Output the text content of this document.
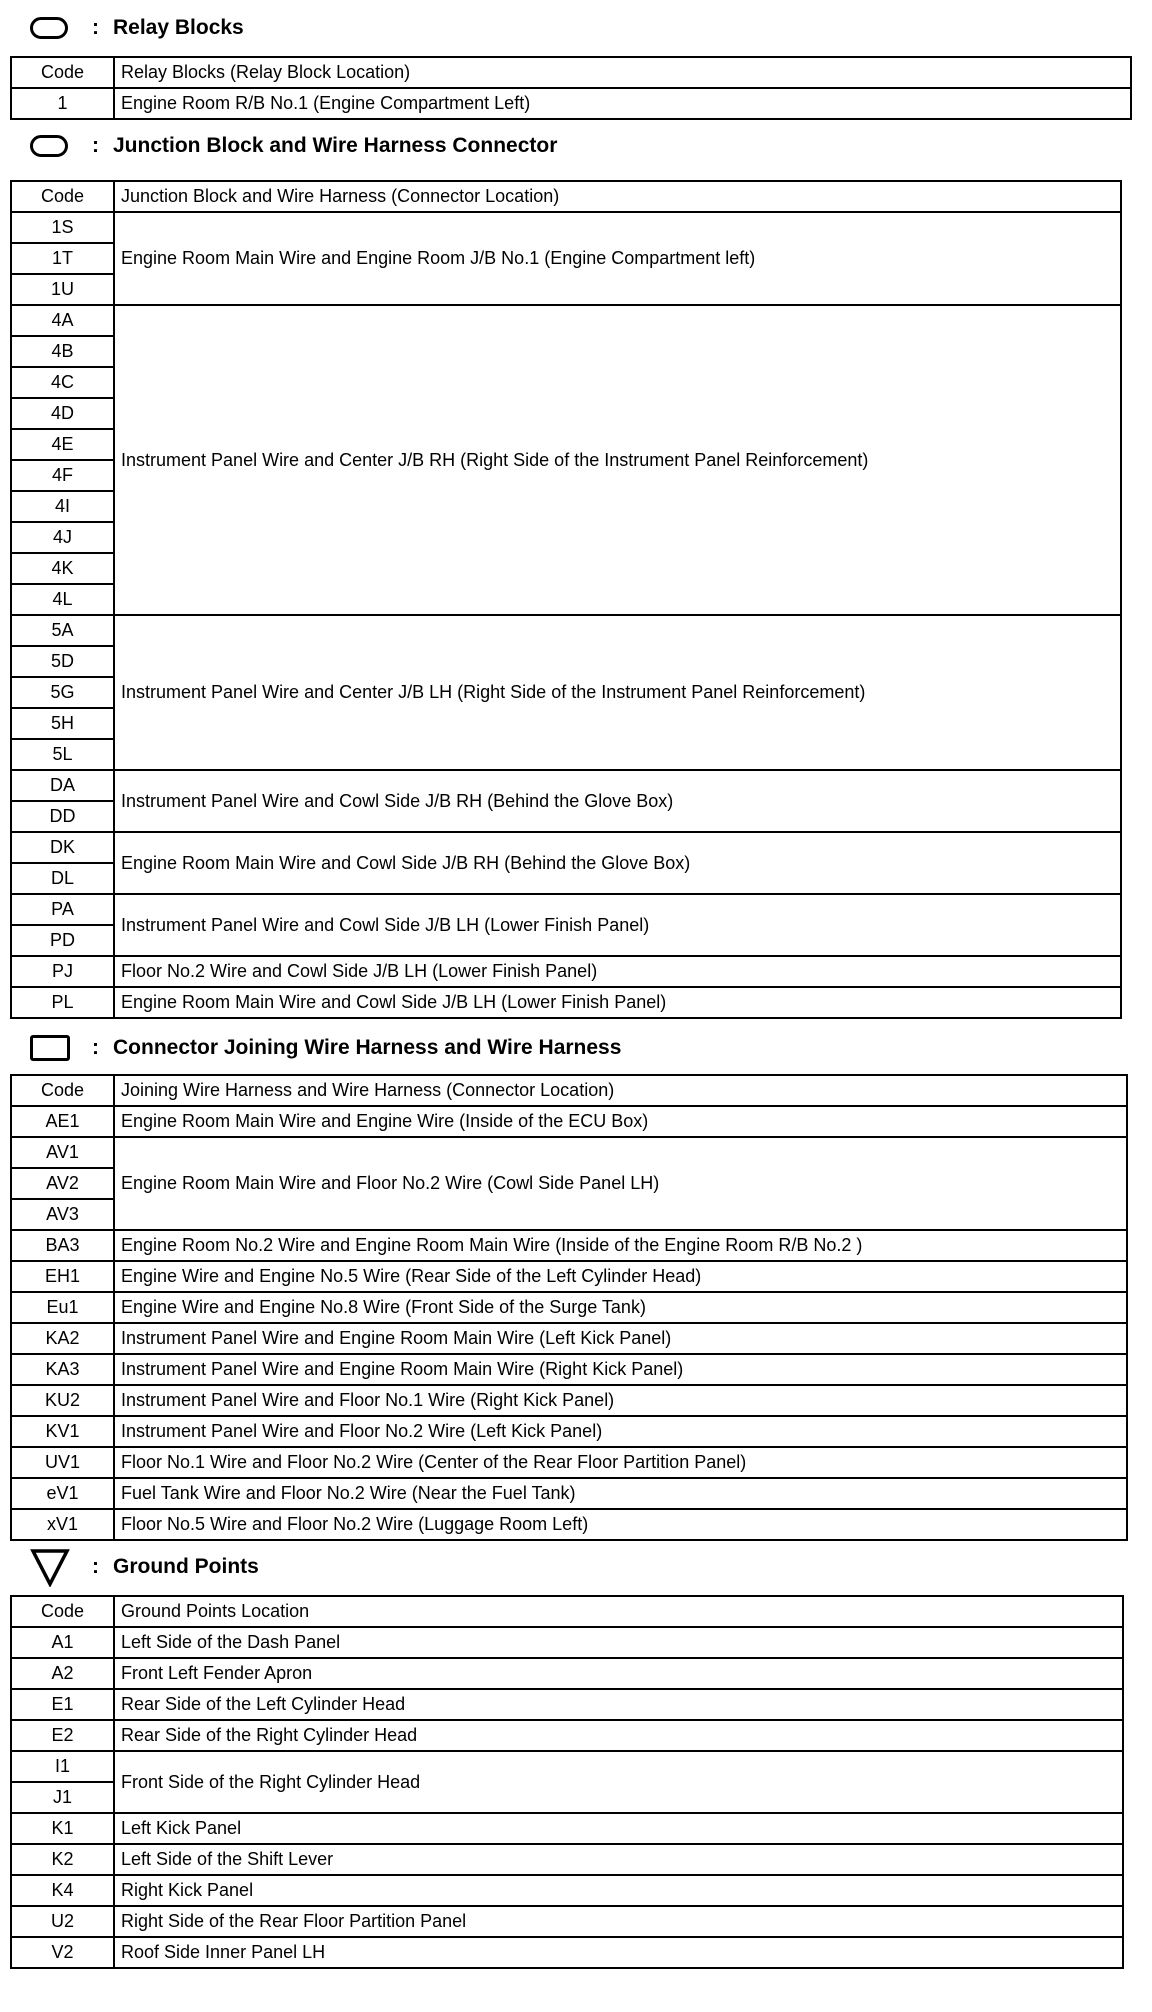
: Relay Blocks
Code	Relay Blocks (Relay Block Location)
1	Engine Room R/B No.1 (Engine Compartment Left)
: Junction Block and Wire Harness Connector
Code	Junction Block and Wire Harness (Connector Location)
1S	Engine Room Main Wire and Engine Room J/B No.1 (Engine Compartment left)
1T	
1U	
4A	Instrument Panel Wire and Center J/B RH (Right Side of the Instrument Panel Reinforcement)
4B	
4C	
4D	
4E	
4F	
4I	
4J	
4K	
4L	
5A	Instrument Panel Wire and Center J/B LH (Right Side of the Instrument Panel Reinforcement)
5D	
5G	
5H	
5L	
DA	Instrument Panel Wire and Cowl Side J/B RH (Behind the Glove Box)
DD	
DK	Engine Room Main Wire and Cowl Side J/B RH (Behind the Glove Box)
DL	
PA	Instrument Panel Wire and Cowl Side J/B LH (Lower Finish Panel)
PD	
PJ	Floor No.2 Wire and Cowl Side J/B LH (Lower Finish Panel)
PL	Engine Room Main Wire and Cowl Side J/B LH (Lower Finish Panel)
: Connector Joining Wire Harness and Wire Harness
Code	Joining Wire Harness and Wire Harness (Connector Location)
AE1	Engine Room Main Wire and Engine Wire (Inside of the ECU Box)
AV1	Engine Room Main Wire and Floor No.2 Wire (Cowl Side Panel LH)
AV2	
AV3	
BA3	Engine Room No.2 Wire and Engine Room Main Wire (Inside of the Engine Room R/B No.2 )
EH1	Engine Wire and Engine No.5 Wire (Rear Side of the Left Cylinder Head)
Eu1	Engine Wire and Engine No.8 Wire (Front Side of the Surge Tank)
KA2	Instrument Panel Wire and Engine Room Main Wire (Left Kick Panel)
KA3	Instrument Panel Wire and Engine Room Main Wire (Right Kick Panel)
KU2	Instrument Panel Wire and Floor No.1 Wire (Right Kick Panel)
KV1	Instrument Panel Wire and Floor No.2 Wire (Left Kick Panel)
UV1	Floor No.1 Wire and Floor No.2 Wire (Center of the Rear Floor Partition Panel)
eV1	Fuel Tank Wire and Floor No.2 Wire (Near the Fuel Tank)
xV1	Floor No.5 Wire and Floor No.2 Wire (Luggage Room Left)
: Ground Points
Code	Ground Points Location
A1	Left Side of the Dash Panel
A2	Front Left Fender Apron
E1	Rear Side of the Left Cylinder Head
E2	Rear Side of the Right Cylinder Head
I1	Front Side of the Right Cylinder Head
J1	
K1	Left Kick Panel
K2	Left Side of the Shift Lever
K4	Right Kick Panel
U2	Right Side of the Rear Floor Partition Panel
V2	Roof Side Inner Panel LH
